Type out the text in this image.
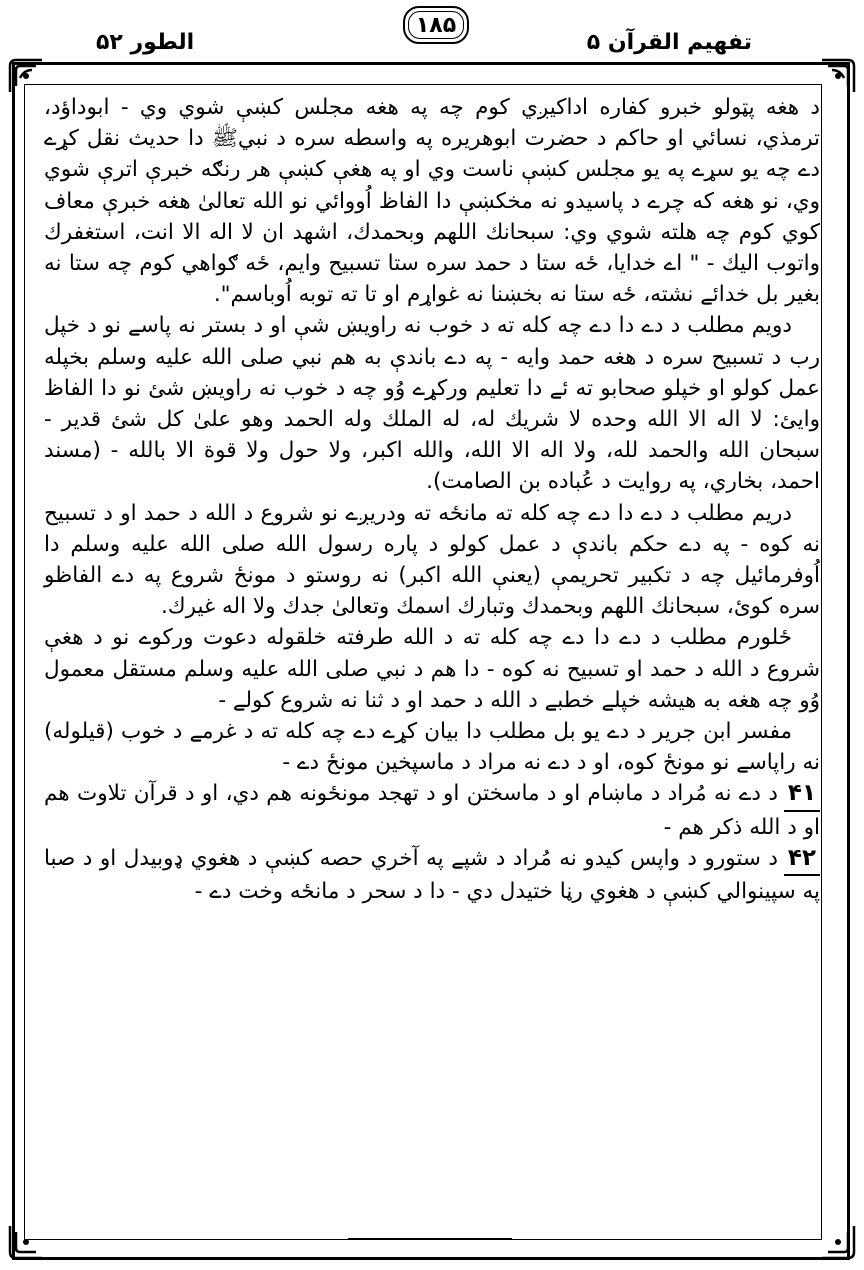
تفهیم القرآن ۵
۱۸۵
الطور ۵۲

د هغه پټولو خبرو کفاره اداکیږي کوم چه په هغه مجلس کښې شوي وي - ابوداؤد، ترمذي، نسائي او حاکم د حضرت ابوهریره په واسطه سره د نبيﷺ دا حدیث نقل کړے دے چه یو سړے په یو مجلس کښې ناست وي او په هغې کښې هر رنګه خبرې اترې شوي وي، نو هغه که چرے د پاسیدو نه مخکښې دا الفاظ اُووائي نو الله تعالیٰ هغه خبرې معاف کوي کوم چه هلته شوي وي: سبحانك اللهم وبحمدك، اشهد ان لا اله الا انت، استغفرك واتوب اليك - " اے خدایا، ځه ستا د حمد سره ستا تسبیح وایم، ځه ګواهي کوم چه ستا نه بغیر بل خدائے نشته، ځه ستا نه بخښنا نه غواړم او تا ته توبه اُوباسم".

دویم مطلب د دے دا دے چه کله ته د خوب نه راویښ شې او د بستر نه پاسے نو د خپل رب د تسبیح سره د هغه حمد وایه - په دے باندې به هم نبي صلی الله علیه وسلم بخپله عمل کولو او خپلو صحابو ته ئے دا تعلیم ورکړے وُو چه د خوب نه راویښ شئ نو دا الفاظ وایئ: لا اله الا الله وحده لا شریك له، له الملك وله الحمد وهو علیٰ کل شئ قدیر - سبحان الله والحمد لله، ولا اله الا الله، والله اکبر، ولا حول ولا قوة الا بالله - (مسند احمد، بخاري، په روایت د عُباده بن الصامت).

دریم مطلب د دے دا دے چه کله ته مانځه ته ودریږے نو شروع د الله د حمد او د تسبیح نه کوه - په دے حکم باندې د عمل کولو د پاره رسول الله صلی الله علیه وسلم دا اُوفرمائیل چه د تکبیر تحریمې (یعنې الله اکبر) نه روستو د مونځ شروع په دے الفاظو سره کوئ، سبحانك اللهم وبحمدك وتبارك اسمك وتعالیٰ جدك ولا اله غیرك.

ځلورم مطلب د دے دا دے چه کله ته د الله طرفته خلقوله دعوت ورکوے نو د هغې شروع د الله د حمد او تسبیح نه کوه - دا هم د نبي صلی الله علیه وسلم مستقل معمول وُو چه هغه به هیشه خپلے خطبے د الله د حمد او د ثنا نه شروع کولے -

مفسر ابن جریر د دے یو بل مطلب دا بیان کړے دے چه کله ته د غرمے د خوب (قیلوله) نه راپاسے نو مونځ کوه، او د دے نه مراد د ماسپخین مونځ دے -

۴۱د دے نه مُراد د ماښام او د ماسختن او د تهجد مونځونه هم دي، او د قرآن تلاوت هم او د الله ذکر هم -

۴۲د ستورو د واپس کیدو نه مُراد د شپے په آخري حصه کښې د هغوي ډوبیدل او د صبا په سپینوالي کښې د هغوي رڼا ختیدل دي - دا د سحر د مانځه وخت دے -
